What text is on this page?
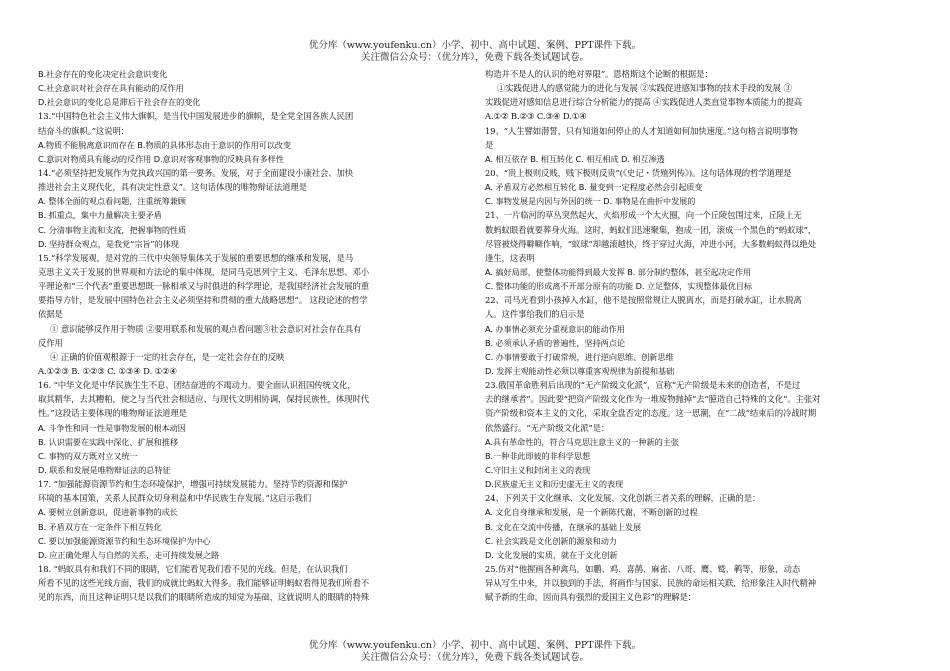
优分库（www.youfenku.cn）小学、初中、高中试题、案例、PPT课件下载。
关注微信公众号：（优分库），免费下载各类试题试卷。
B.社会存在的变化决定社会意识变化
C.社会意识对社会存在具有能动的反作用
D.社会意识的变化总是滞后于社会存在的变化
13.“中国特色社会主义伟大旗帜，是当代中国发展进步的旗帜，是全党全国各族人民团
结奋斗的旗帜。”这说明：
A.物质不能脱离意识而存在 B.物质的具体形态由于意识的作用可以改变
C.意识对物质具有能动的反作用 D.意识对客观事物的反映具有多样性
14.“必须坚持把发展作为党执政兴国的第一要务。发展，对于全面建设小康社会、加快
推进社会主义现代化，具有决定性意义”。这句话体现的唯物辩证法道理是
A. 整体全面的观点看问题，注重统筹兼顾
B. 抓重点，集中力量解决主要矛盾
C. 分清事物主流和支流，把握事物的性质
D. 坚持群众观点，是我党“宗旨”的体现
15.“科学发展观，是对党的三代中央领导集体关于发展的重要思想的继承和发展，是马
克思主义关于发展的世界观和方法论的集中体现，是同马克思列宁主义、毛泽东思想、邓小
平理论和“三个代表”重要思想既一脉相承又与时俱进的科学理论，是我国经济社会发展的重
要指导方针，是发展中国特色社会主义必须坚持和贯彻的重大战略思想”。 这段论述的哲学
依据是
① 意识能够反作用于物质 ②要用联系和发展的观点看问题③社会意识对社会存在具有
反作用
④ 正确的价值观根源于一定的社会存在，是一定社会存在的反映
A.①②③ B. ①②③ C. ①③④ D. ①②④
16. “中华文化是中华民族生生不息、团结奋进的不竭动力。要全面认识祖国传统文化，
取其精华，去其糟粕，使之与当代社会相适应、与现代文明相协调，保持民族性，体现时代
性。”这段话主要体现的唯物辩证法道理是
A. 斗争性和同一性是事物发展的根本动因
B. 认识需要在实践中深化、扩展和推移
C. 事物的双方既对立又统一
D. 联系和发展是唯物辩证法的总特征
17. “加强能源资源节约和生态环境保护，增强可持续发展能力。坚持节约资源和保护
环境的基本国策，关系人民群众切身利益和中华民族生存发展。”这启示我们
A. 要树立创新意识，促进新事物的成长
B. 矛盾双方在一定条件下相互转化
C. 要以加强能源资源节约和生态环境保护为中心
D. 应正确处理人与自然的关系，走可持续发展之路
18. “蚂蚁具有和我们不同的眼睛，它们能看见我们看不见的光线。但是，在认识我们
所看不见的这些光线方面，我们的成就比蚂蚁大得多。我们能够证明蚂蚁看得见我们所看不
见的东西，而且这种证明只是以我们的眼睛所造成的知觉为基础，这就说明人的眼睛的特殊
构造并不是人的认识的绝对界限”。恩格斯这个论断的根据是：
①实践促进人的感觉能力的进化与发展 ②实践促进感知事物的技术手段的发展 ③
实践促进对感知信息进行综合分析能力的提高 ④实践促进人类直觉事物本质能力的提高
A.①② B.②③ C.③④ D.①④
19、“人生譬如潜誓，只有知道如何停止的人才知道如何加快速度。”这句格言说明事物
是
A. 相互依存 B. 相互转化 C. 相互相成 D. 相互渗透
20、“贵上极则反贱，贱下极则反贵”(《史记・货殖列传》)。这句话体现的哲学道理是
A. 矛盾双方必然相互转化 B. 量变到一定程度必然会引起质变
C. 事物发展是内因与外因的统一 D. 事物是在曲折中发展的
21、一片临河的草丛突然起火，火焰形成一个大火圈，向一个丘陵包围过来，丘陵上无
数蚂蚁眼看就要葬身火海。这时，蚂蚁们迅速聚集，抱成一团，滚成一个黑色的“蚂蚁球”，
尽管被烧得噼噼作响，“蚁球”却越滚越快，终于穿过火海，冲进小河，大多数蚂蚁得以绝处
逢生，这表明
A. 搞好局部，使整体功能得到最大发挥 B. 部分制约整体，甚至起决定作用
C. 整体功能的形成离不开部分原有的功能 D. 立足整体，实现整体最优目标
22、司马光看到小孩掉入水缸，他不是按照常规让人脱离水，而是打破水缸，让水脱离
人。这件事给我们的启示是
A. 办事情必须充分重视意识的能动作用
B. 必须承认矛盾的普遍性，坚持两点论
C. 办事情要敢于打破常规，进行逆向思维、创新思维
D. 发挥主观能动性必须以尊重客观规律为前提和基础
23.俄国革命胜利后出现的“无产阶级文化派”，宣称“无产阶级是未来的创造者，不是过
去的继承者”。因此要“把资产阶级文化作为一堆废物抛掉”去“臆造自己特殊的文化”。主张对
资产阶级和资本主义的文化，采取全盘否定的态度。这一思潮，在“二战”结束后的冷战时期
依然盛行。“无产阶级文化派”是：
A.具有革命性的，符合马克思注意主义的一种新的主张
B.一种非此即彼的非科学思想
C.守旧主义和封闭主义的表现
D.民族虚无主义和历史虚无主义的表现
24、下列关于文化继承、文化发展、文化创新三者关系的理解，正确的是：
A. 文化自身继承和发展，是一个新陈代谢，不断创新的过程
B. 文化在交流中传播，在继承的基础上发展
C. 社会实践是文化创新的源泉和动力
D. 文化发展的实质，就在于文化创新
25.仿对“他握画各种禽鸟，如鹏、鸡、喜鹊、麻雀、八哥、鹰、鹫、鹌等，形象，动态
异从写生中来，并以独到的手法，将画作与国家、民族的命运相关联，给形象注入时代精神
赋予新的生命，因而具有强烈的爱国主义色彩”的理解是：
优分库（www.youfenku.cn）小学、初中、高中试题、案例、PPT课件下载。
关注微信公众号：（优分库），免费下载各类试题试卷。
